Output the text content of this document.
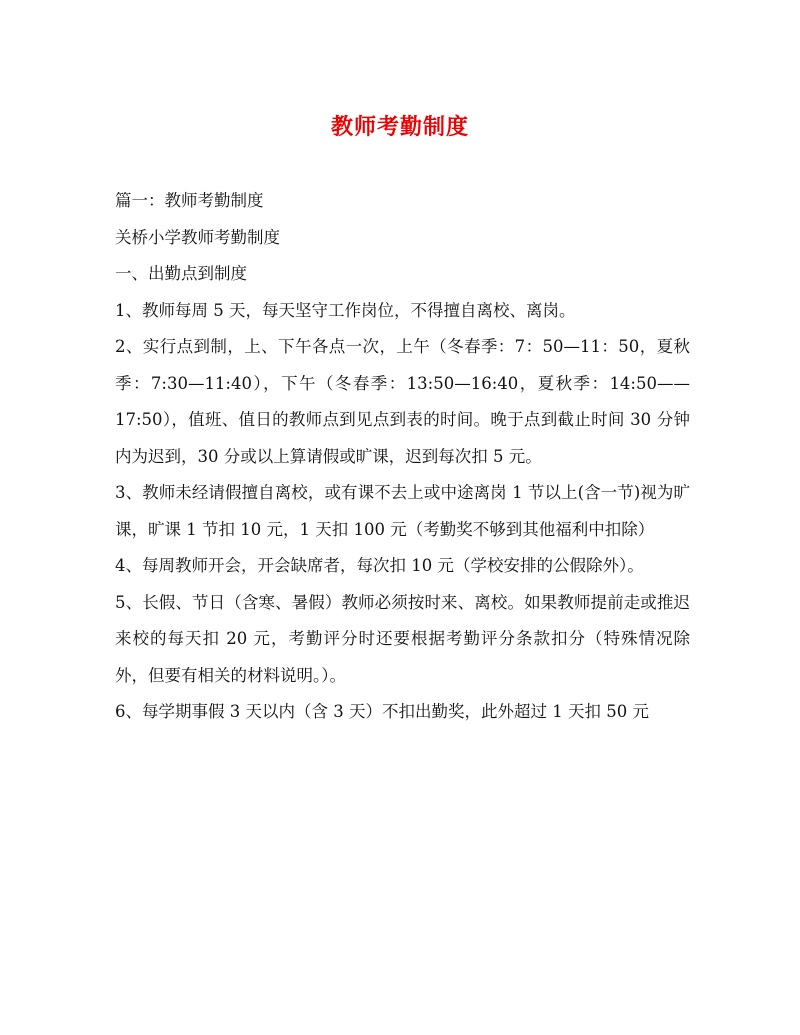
教师考勤制度

篇一：教师考勤制度

关桥小学教师考勤制度

一、出勤点到制度

1、教师每周 5 天，每天坚守工作岗位，不得擅自离校、离岗。

2、实行点到制，上、下午各点一次，上午（冬春季：7：50—11：50，夏秋季：7:30—11:40），下午（冬春季：13:50—16:40，夏秋季：14:50——17:50），值班、值日的教师点到见点到表的时间。晚于点到截止时间 30 分钟内为迟到，30 分或以上算请假或旷课，迟到每次扣 5 元。

3、教师未经请假擅自离校，或有课不去上或中途离岗 1 节以上(含一节)视为旷课，旷课 1 节扣 10 元，1 天扣 100 元（考勤奖不够到其他福利中扣除）

4、每周教师开会，开会缺席者，每次扣 10 元（学校安排的公假除外）。

5、长假、节日（含寒、暑假）教师必须按时来、离校。如果教师提前走或推迟来校的每天扣 20 元，考勤评分时还要根据考勤评分条款扣分（特殊情况除外，但要有相关的材料说明。）。

6、每学期事假 3 天以内（含 3 天）不扣出勤奖，此外超过 1 天扣 50 元
